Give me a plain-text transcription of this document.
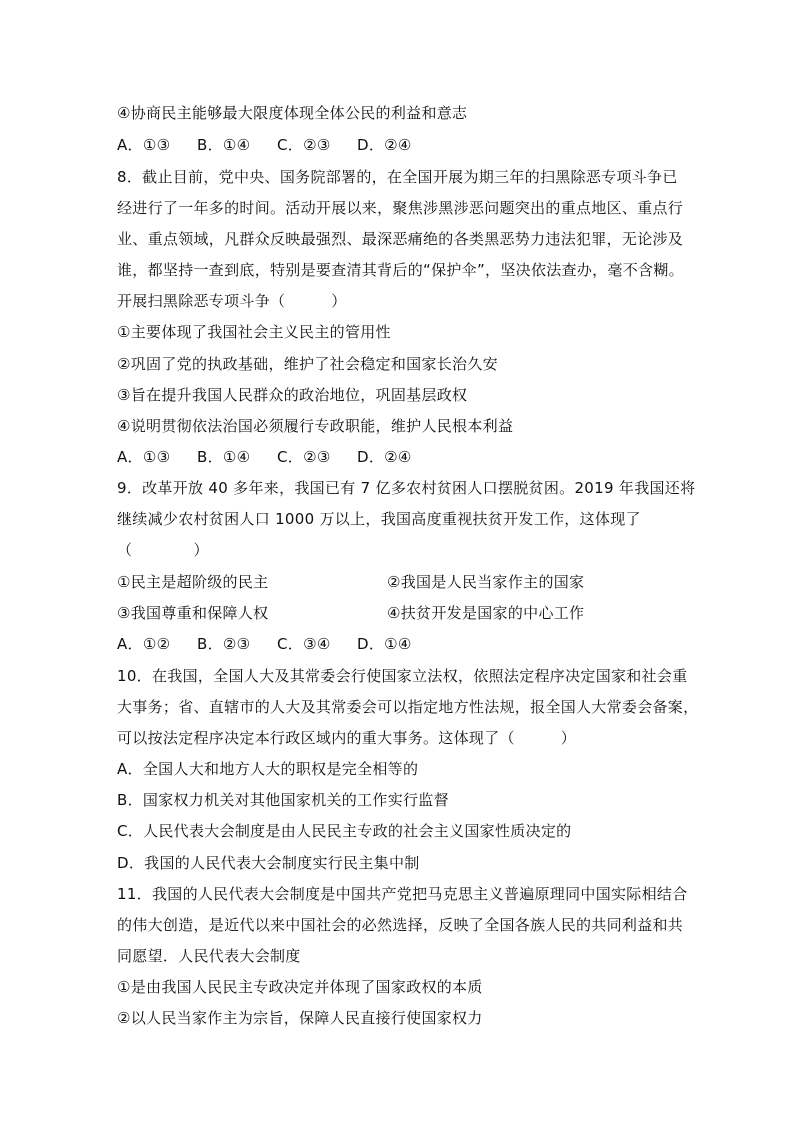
④协商民主能够最大限度体现全体公民的利益和意志
A．①③ B．①④ C．②③ D．②④
8．截止目前，党中央、国务院部署的，在全国开展为期三年的扫黑除恶专项斗争已
经进行了一年多的时间。活动开展以来，聚焦涉黑涉恶问题突出的重点地区、重点行
业、重点领域，凡群众反映最强烈、最深恶痛绝的各类黑恶势力违法犯罪，无论涉及
谁，都坚持一查到底，特别是要查清其背后的“保护伞”，坚决依法查办，毫不含糊。
开展扫黑除恶专项斗争（　　　）
①主要体现了我国社会主义民主的管用性
②巩固了党的执政基础，维护了社会稳定和国家长治久安
③旨在提升我国人民群众的政治地位，巩固基层政权
④说明贯彻依法治国必须履行专政职能，维护人民根本利益
A．①③ B．①④ C．②③ D．②④
9．改革开放 40 多年来，我国已有 7 亿多农村贫困人口摆脱贫困。2019 年我国还将
继续减少农村贫困人口 1000 万以上，我国高度重视扶贫开发工作，这体现了
（　　　　）
①民主是超阶级的民主	②我国是人民当家作主的国家
③我国尊重和保障人权	④扶贫开发是国家的中心工作
A．①② B．②③ C．③④ D．①④
10．在我国，全国人大及其常委会行使国家立法权，依照法定程序决定国家和社会重
大事务；省、直辖市的人大及其常委会可以指定地方性法规，报全国人大常委会备案，
可以按法定程序决定本行政区域内的重大事务。这体现了（　　　）
A．全国人大和地方人大的职权是完全相等的
B．国家权力机关对其他国家机关的工作实行监督
C．人民代表大会制度是由人民民主专政的社会主义国家性质决定的
D．我国的人民代表大会制度实行民主集中制
11．我国的人民代表大会制度是中国共产党把马克思主义普遍原理同中国实际相结合
的伟大创造，是近代以来中国社会的必然选择，反映了全国各族人民的共同利益和共
同愿望．人民代表大会制度
①是由我国人民民主专政决定并体现了国家政权的本质
②以人民当家作主为宗旨，保障人民直接行使国家权力
